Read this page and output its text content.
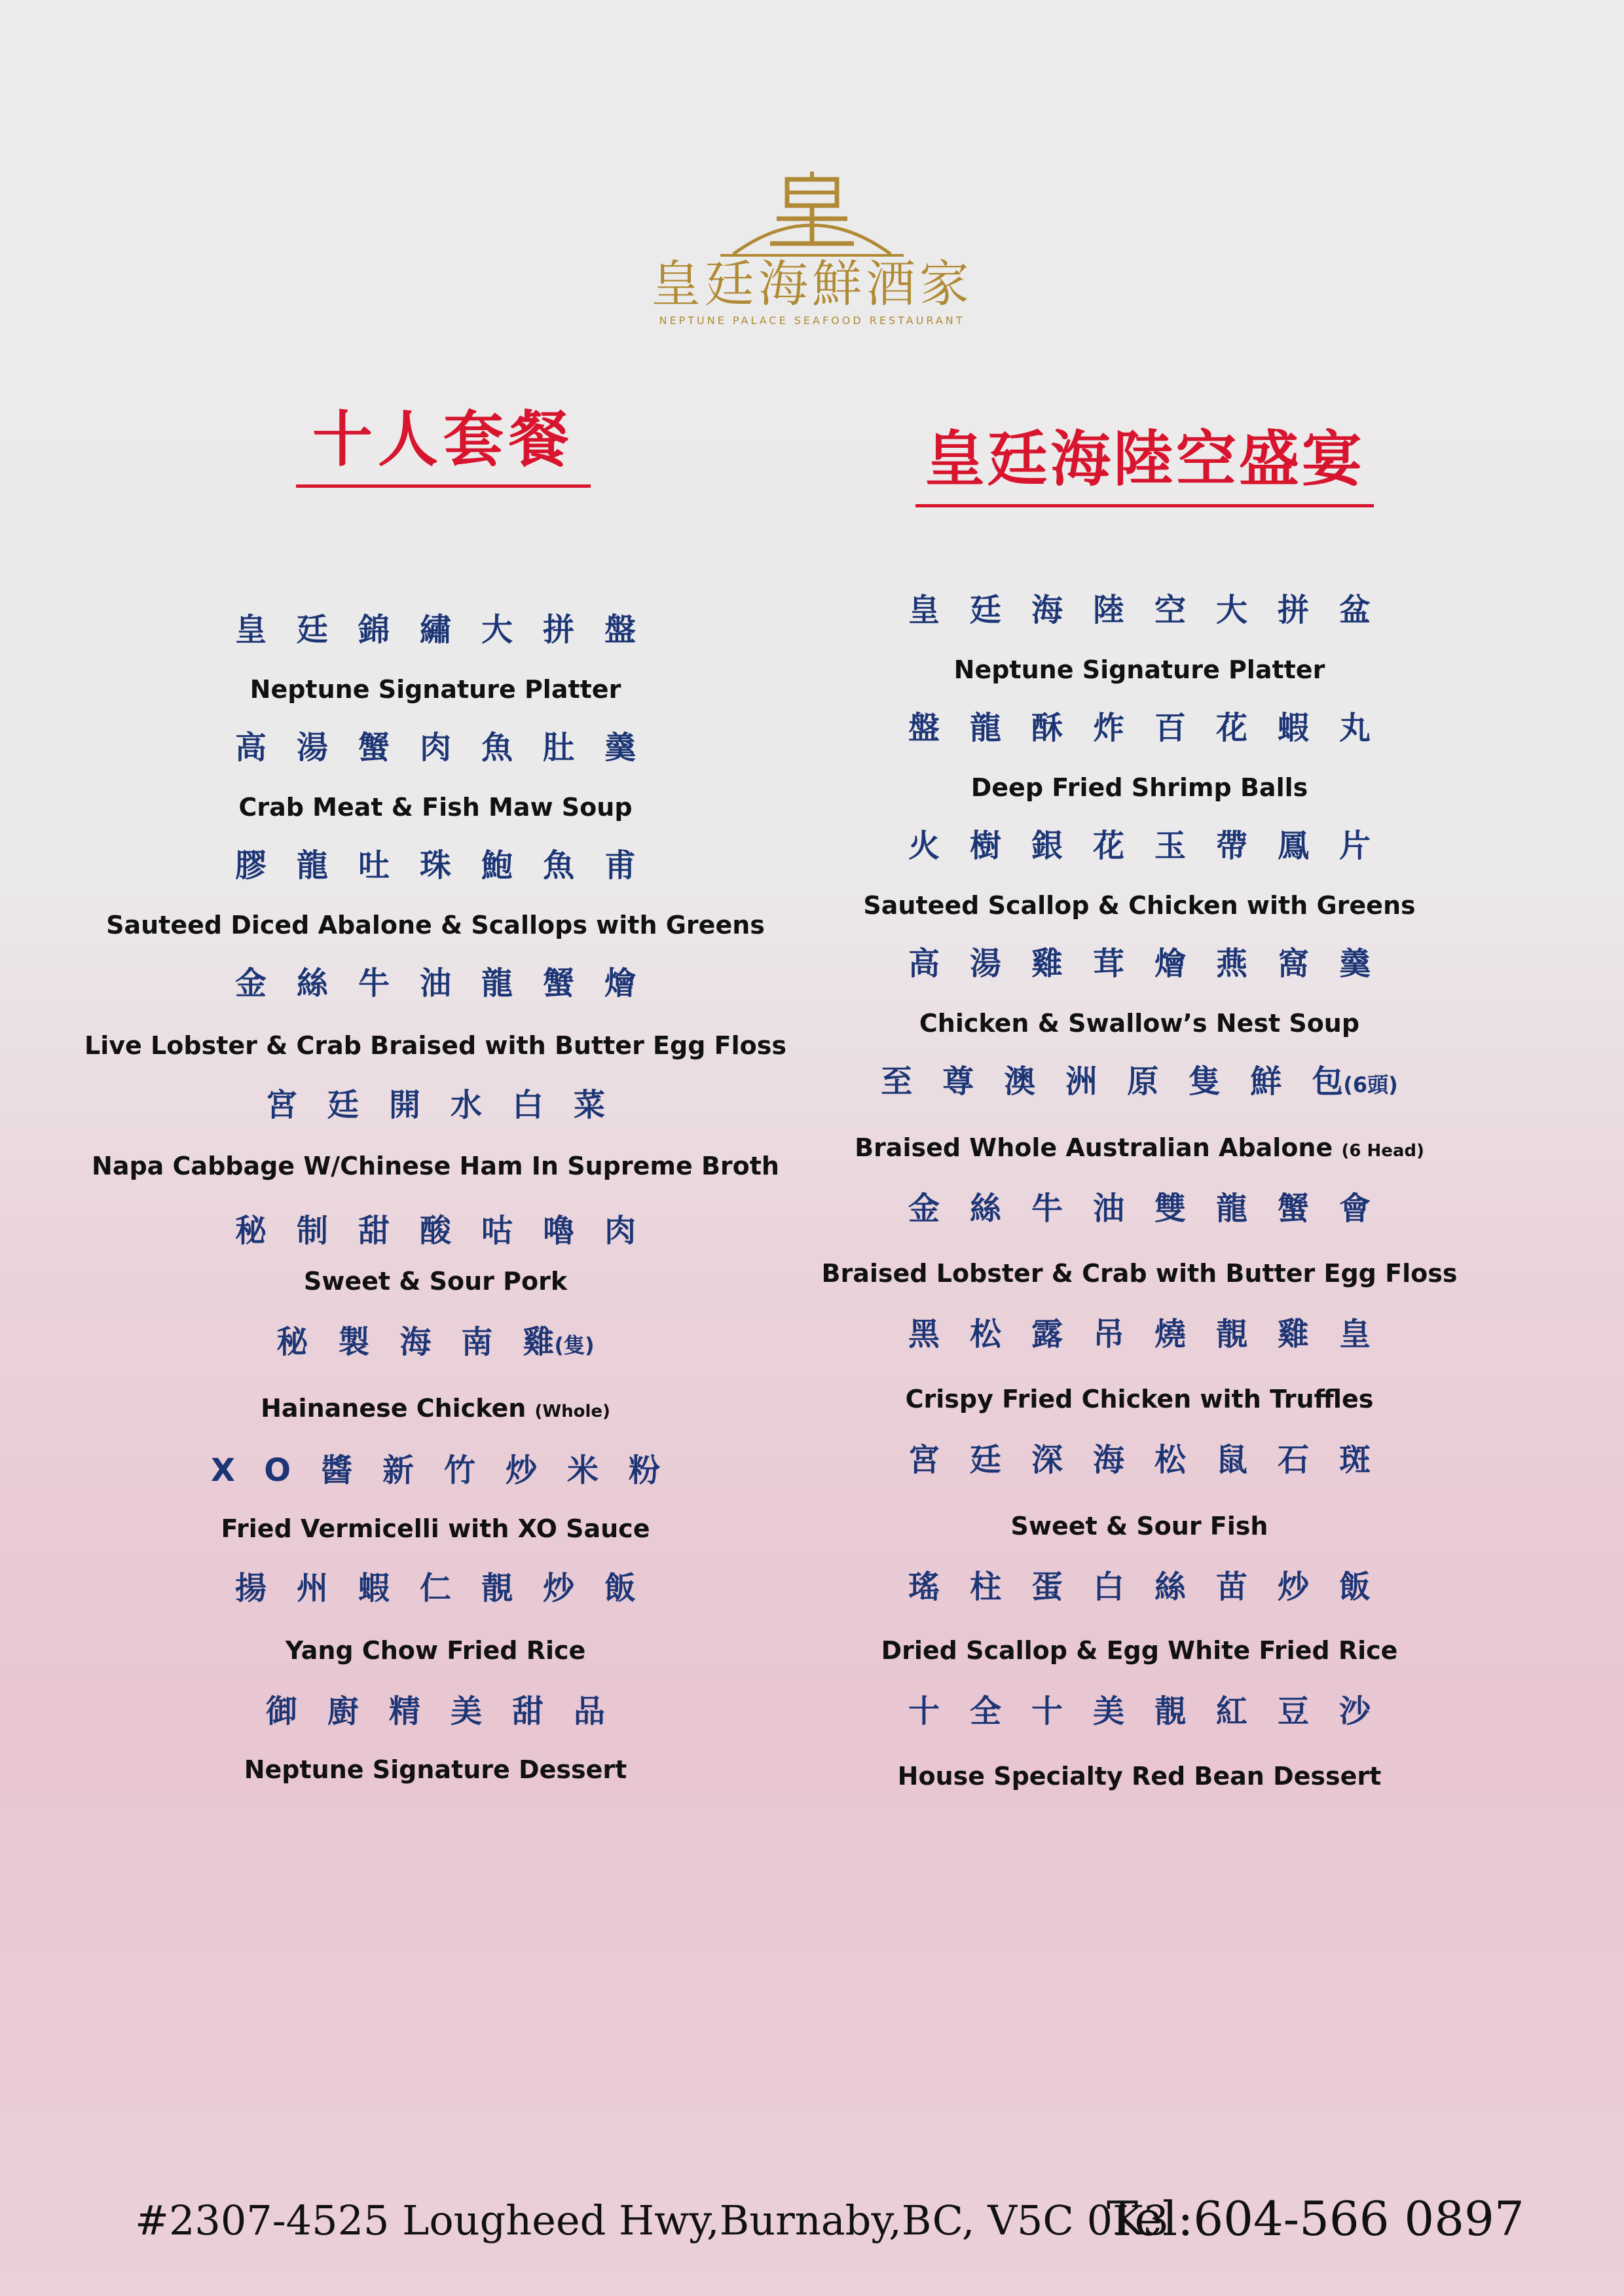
皇廷海鮮酒家
NEPTUNE PALACE SEAFOOD RESTAURANT
十人套餐	皇廷海陸空盛宴
皇廷錦繡大拼盤
Neptune Signature Platter
高湯蟹肉魚肚羹
Crab Meat & Fish Maw Soup
膠龍吐珠鮑魚甫
Sauteed Diced Abalone & Scallops with Greens
金絲牛油龍蟹燴
Live Lobster & Crab Braised with Butter Egg Floss
宮廷開水白菜
Napa Cabbage W/Chinese Ham In Supreme Broth
秘制甜酸咕嚕肉
Sweet & Sour Pork
秘製海南雞(隻)
Hainanese Chicken (Whole)
XO醬新竹炒米粉
Fried Vermicelli with XO Sauce
揚州蝦仁靚炒飯
Yang Chow Fried Rice
御廚精美甜品
Neptune Signature Dessert
皇廷海陸空大拼盆
Neptune Signature Platter
盤龍酥炸百花蝦丸
Deep Fried Shrimp Balls
火樹銀花玉帶鳳片
Sauteed Scallop & Chicken with Greens
高湯雞茸燴燕窩羹
Chicken & Swallow’s Nest Soup
至尊澳洲原隻鮮包(6頭)
Braised Whole Australian Abalone (6 Head)
金絲牛油雙龍蟹會
Braised Lobster & Crab with Butter Egg Floss
黑松露吊燒靚雞皇
Crispy Fried Chicken with Truffles
宮廷深海松鼠石斑
Sweet & Sour Fish
瑤柱蛋白絲苗炒飯
Dried Scallop & Egg White Fried Rice
十全十美靚紅豆沙
House Specialty Red Bean Dessert
#2307-4525 Lougheed Hwy,Burnaby,BC, V5C 0K3
Tel:604-566 0897
